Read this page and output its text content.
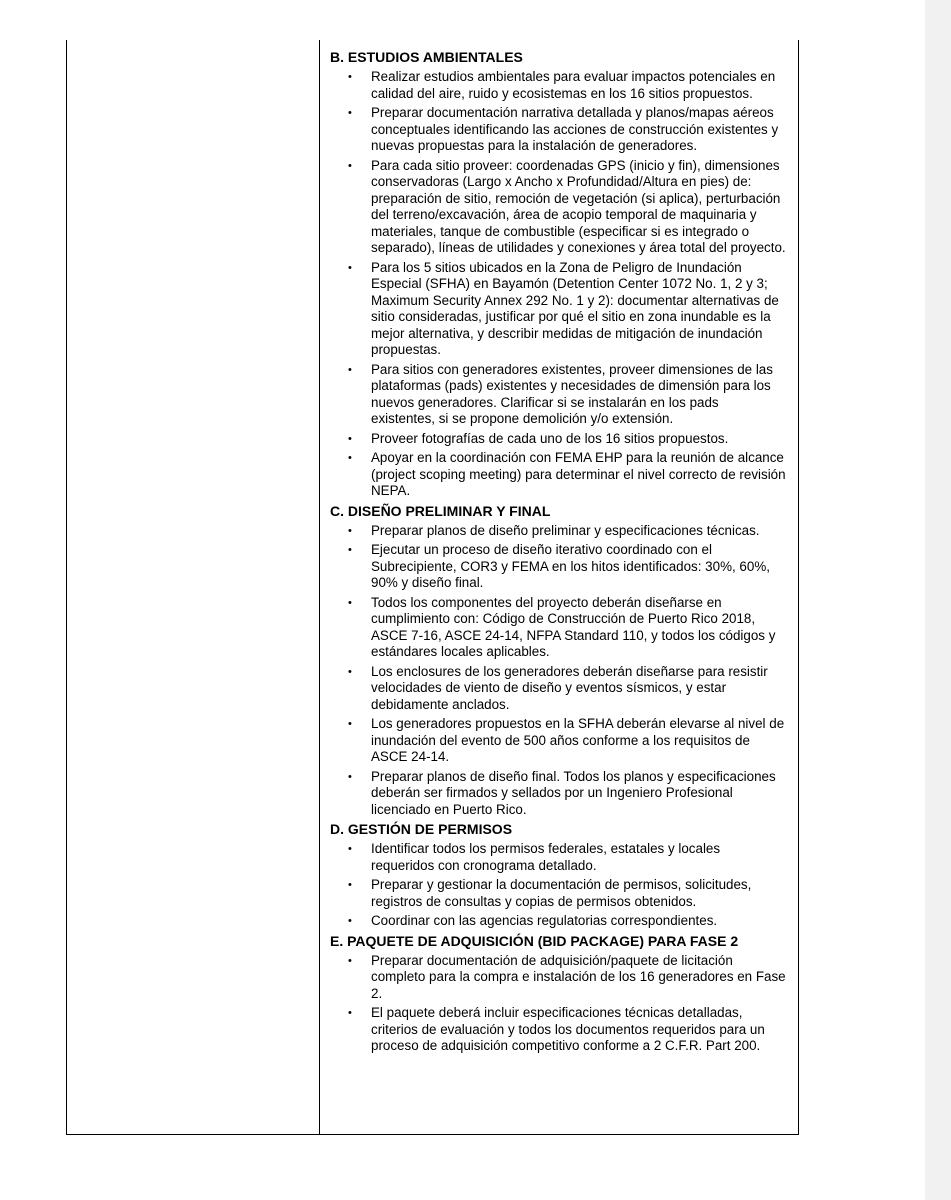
B. ESTUDIOS AMBIENTALES
• Realizar estudios ambientales para evaluar impactos potenciales en calidad del aire, ruido y ecosistemas en los 16 sitios propuestos.
• Preparar documentación narrativa detallada y planos/mapas aéreos conceptuales identificando las acciones de construcción existentes y nuevas propuestas para la instalación de generadores.
• Para cada sitio proveer: coordenadas GPS (inicio y fin), dimensiones conservadoras (Largo x Ancho x Profundidad/Altura en pies) de: preparación de sitio, remoción de vegetación (si aplica), perturbación del terreno/excavación, área de acopio temporal de maquinaria y materiales, tanque de combustible (especificar si es integrado o separado), líneas de utilidades y conexiones y área total del proyecto.
• Para los 5 sitios ubicados en la Zona de Peligro de Inundación Especial (SFHA) en Bayamón (Detention Center 1072 No. 1, 2 y 3; Maximum Security Annex 292 No. 1 y 2): documentar alternativas de sitio consideradas, justificar por qué el sitio en zona inundable es la mejor alternativa, y describir medidas de mitigación de inundación propuestas.
• Para sitios con generadores existentes, proveer dimensiones de las plataformas (pads) existentes y necesidades de dimensión para los nuevos generadores. Clarificar si se instalarán en los pads existentes, si se propone demolición y/o extensión.
• Proveer fotografías de cada uno de los 16 sitios propuestos.
• Apoyar en la coordinación con FEMA EHP para la reunión de alcance (project scoping meeting) para determinar el nivel correcto de revisión NEPA.
C. DISEÑO PRELIMINAR Y FINAL
• Preparar planos de diseño preliminar y especificaciones técnicas.
• Ejecutar un proceso de diseño iterativo coordinado con el Subrecipiente, COR3 y FEMA en los hitos identificados: 30%, 60%, 90% y diseño final.
• Todos los componentes del proyecto deberán diseñarse en cumplimiento con: Código de Construcción de Puerto Rico 2018, ASCE 7-16, ASCE 24-14, NFPA Standard 110, y todos los códigos y estándares locales aplicables.
• Los enclosures de los generadores deberán diseñarse para resistir velocidades de viento de diseño y eventos sísmicos, y estar debidamente anclados.
• Los generadores propuestos en la SFHA deberán elevarse al nivel de inundación del evento de 500 años conforme a los requisitos de ASCE 24-14.
• Preparar planos de diseño final. Todos los planos y especificaciones deberán ser firmados y sellados por un Ingeniero Profesional licenciado en Puerto Rico.
D. GESTIÓN DE PERMISOS
• Identificar todos los permisos federales, estatales y locales requeridos con cronograma detallado.
• Preparar y gestionar la documentación de permisos, solicitudes, registros de consultas y copias de permisos obtenidos.
• Coordinar con las agencias regulatorias correspondientes.
E. PAQUETE DE ADQUISICIÓN (BID PACKAGE) PARA FASE 2
• Preparar documentación de adquisición/paquete de licitación completo para la compra e instalación de los 16 generadores en Fase 2.
• El paquete deberá incluir especificaciones técnicas detalladas, criterios de evaluación y todos los documentos requeridos para un proceso de adquisición competitivo conforme a 2 C.F.R. Part 200.
